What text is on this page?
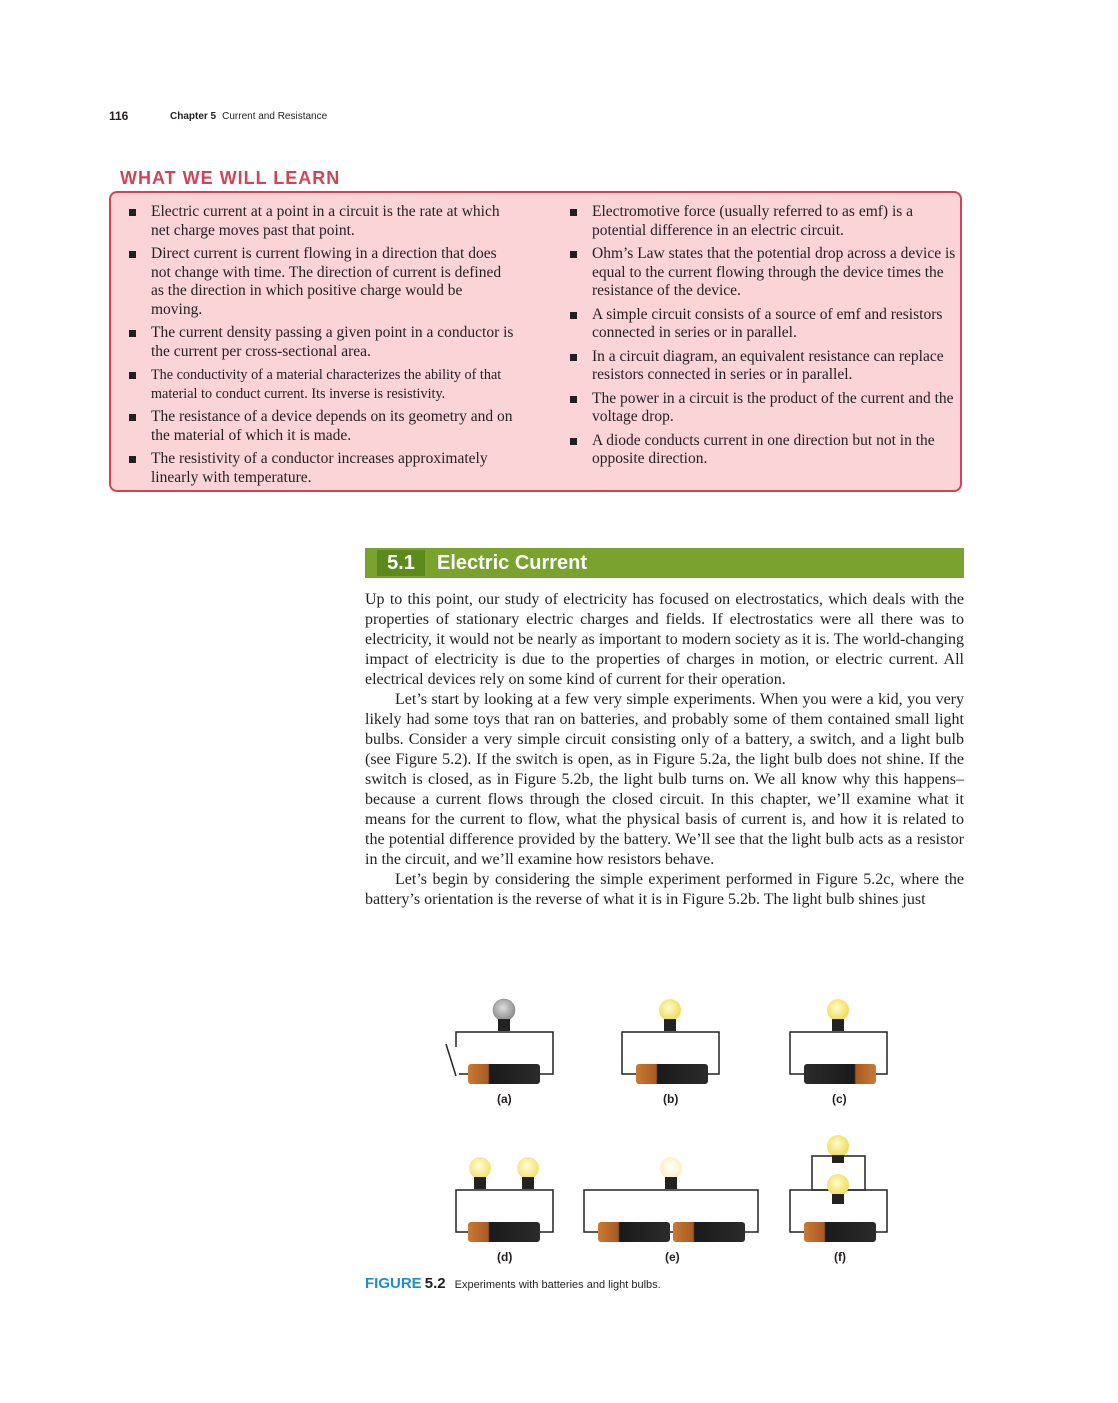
116	Chapter 5 Current and Resistance
WHAT WE WILL LEARN
Electric current at a point in a circuit is the rate at which net charge moves past that point.
Direct current is current flowing in a direction that does not change with time. The direction of current is defined as the direction in which positive charge would be moving.
The current density passing a given point in a conductor is the current per cross-sectional area.
The conductivity of a material characterizes the ability of that material to conduct current. Its inverse is resistivity.
The resistance of a device depends on its geometry and on the material of which it is made.
The resistivity of a conductor increases approximately linearly with temperature.
Electromotive force (usually referred to as emf) is a potential difference in an electric circuit.
Ohm’s Law states that the potential drop across a device is equal to the current flowing through the device times the resistance of the device.
A simple circuit consists of a source of emf and resistors connected in series or in parallel.
In a circuit diagram, an equivalent resistance can replace resistors connected in series or in parallel.
The power in a circuit is the product of the current and the voltage drop.
A diode conducts current in one direction but not in the opposite direction.
5.1	Electric Current

Up to this point, our study of electricity has focused on electrostatics, which deals with the properties of stationary electric charges and fields. If electrostatics were all there was to electricity, it would not be nearly as important to modern society as it is. The world-changing impact of electricity is due to the properties of charges in motion, or electric current. All electrical devices rely on some kind of current for their operation.

Let’s start by looking at a few very simple experiments. When you were a kid, you very likely had some toys that ran on batteries, and probably some of them contained small light bulbs. Consider a very simple circuit consisting only of a battery, a switch, and a light bulb (see Figure 5.2). If the switch is open, as in Figure 5.2a, the light bulb does not shine. If the switch is closed, as in Figure 5.2b, the light bulb turns on. We all know why this happens–because a current flows through the closed circuit. In this chapter, we’ll examine what it means for the current to flow, what the physical basis of current is, and how it is related to the potential difference provided by the battery. We’ll see that the light bulb acts as a resistor in the circuit, and we’ll examine how resistors behave.

Let’s begin by considering the simple experiment performed in Figure 5.2c, where the battery’s orientation is the reverse of what it is in Figure 5.2b. The light bulb shines just

(a)	(b)	(c)
(d)	(e)	(f)
FIGURE 5.2 Experiments with batteries and light bulbs.
